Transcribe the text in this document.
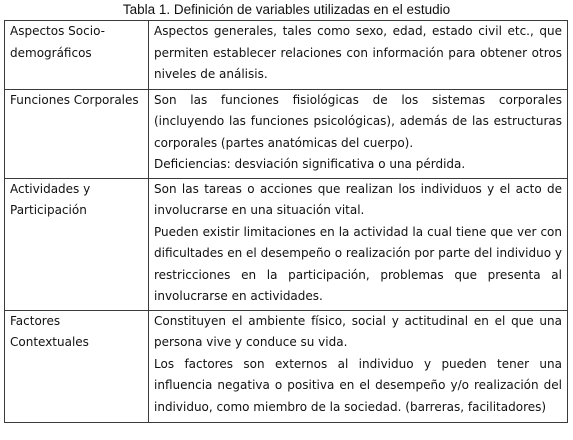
Tabla 1. Definición de variables utilizadas en el estudio
Aspectos Socio-
demográficos	Aspectos generales, tales como sexo, edad, estado civil etc., que permiten establecer relaciones con información para obtener otros niveles de análisis.

Funciones Corporales	Son las funciones fisiológicas de los sistemas corporales (incluyendo las funciones psicológicas), además de las estructuras corporales (partes anatómicas del cuerpo).
Deficiencias: desviación significativa o una pérdida.

Actividades y
Participación	Son las tareas o acciones que realizan los individuos y el acto de involucrarse en una situación vital.
Pueden existir limitaciones en la actividad la cual tiene que ver con dificultades en el desempeño o realización por parte del individuo y restricciones en la participación, problemas que presenta al involucrarse en actividades.

Factores
Contextuales	Constituyen el ambiente físico, social y actitudinal en el que una persona vive y conduce su vida.
Los factores son externos al individuo y pueden tener una influencia negativa o positiva en el desempeño y/o realización del individuo, como miembro de la sociedad. (barreras, facilitadores)
